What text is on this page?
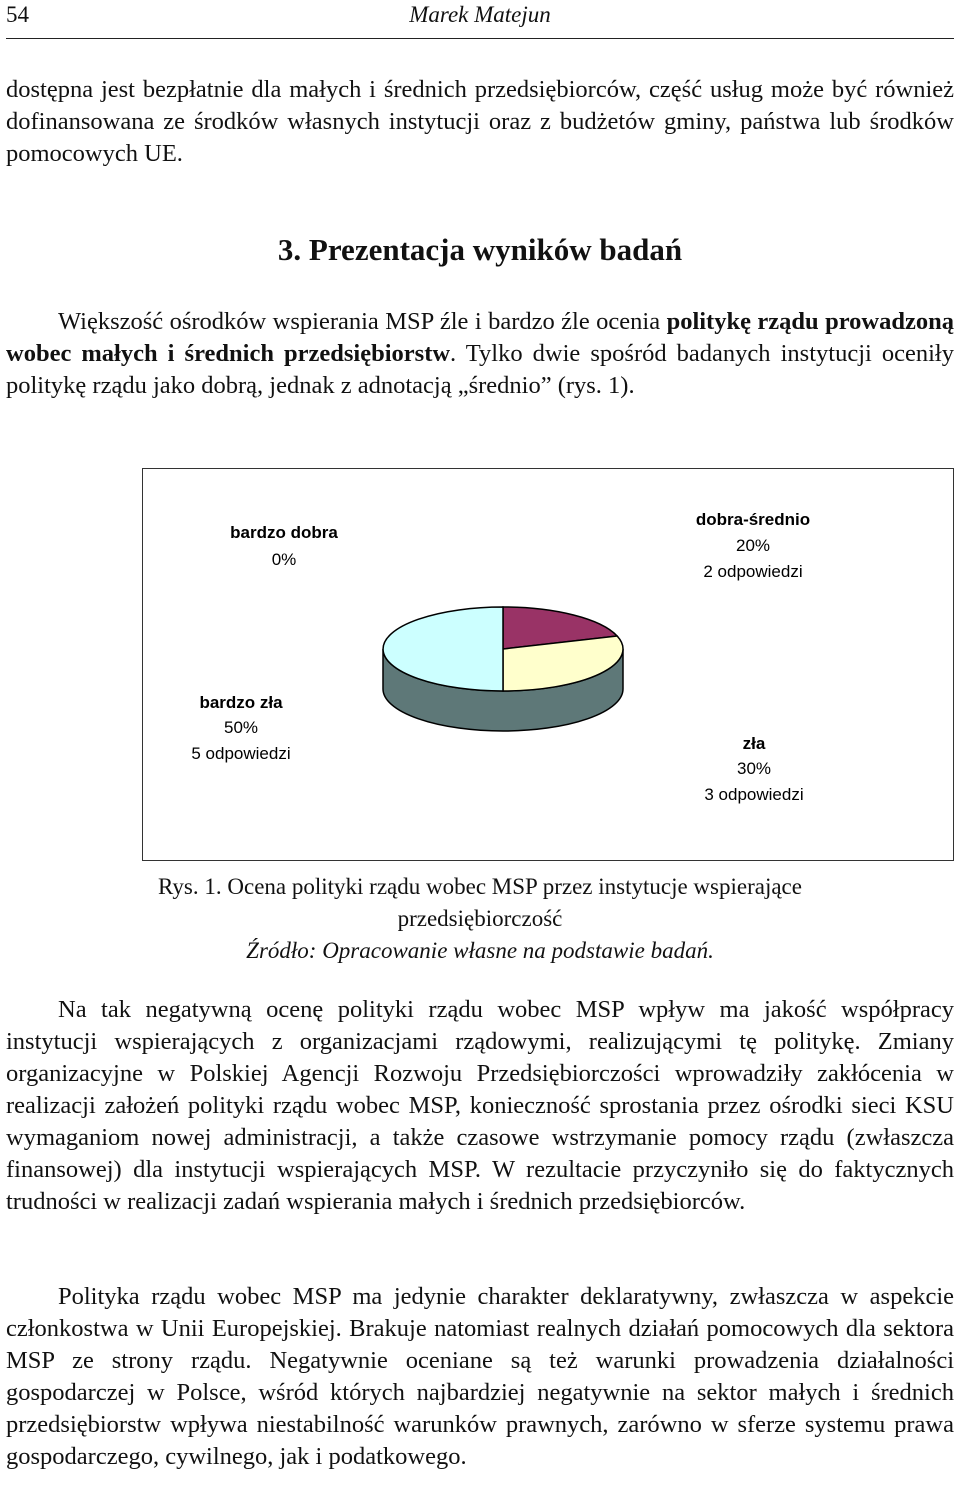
54	Marek Matejun

dostępna jest bezpłatnie dla małych i średnich przedsiębiorców, część usług może być również dofinansowana ze środków własnych instytucji oraz z budżetów gminy, państwa lub środków pomocowych UE.

3. Prezentacja wyników badań

Większość ośrodków wspierania MSP źle i bardzo źle ocenia politykę rządu prowadzoną wobec małych i średnich przedsiębiorstw. Tylko dwie spośród badanych instytucji oceniły politykę rządu jako dobrą, jednak z adnotacją „średnio” (rys. 1).

bardzo dobra
0%
dobra-średnio
20%
2 odpowiedzi
bardzo zła
50%
5 odpowiedzi
zła
30%
3 odpowiedzi

Rys. 1. Ocena polityki rządu wobec MSP przez instytucje wspierające

przedsiębiorczość

Źródło: Opracowanie własne na podstawie badań.

Na tak negatywną ocenę polityki rządu wobec MSP wpływ ma jakość współpracy instytucji wspierających z organizacjami rządowymi, realizującymi tę politykę. Zmiany organizacyjne w Polskiej Agencji Rozwoju Przedsiębiorczości wprowadziły zakłócenia w realizacji założeń polityki rządu wobec MSP, konieczność sprostania przez ośrodki sieci KSU wymaganiom nowej administracji, a także czasowe wstrzymanie pomocy rządu (zwłaszcza finansowej) dla instytucji wspierających MSP. W rezultacie przyczyniło się do faktycznych trudności w realizacji zadań wspierania małych i średnich przedsiębiorców.

Polityka rządu wobec MSP ma jedynie charakter deklaratywny, zwłaszcza w aspekcie członkostwa w Unii Europejskiej. Brakuje natomiast realnych działań pomocowych dla sektora MSP ze strony rządu. Negatywnie oceniane są też warunki prowadzenia działalności gospodarczej w Polsce, wśród których najbardziej negatywnie na sektor małych i średnich przedsiębiorstw wpływa niestabilność warunków prawnych, zarówno w sferze systemu prawa gospodarczego, cywilnego, jak i podatkowego.
